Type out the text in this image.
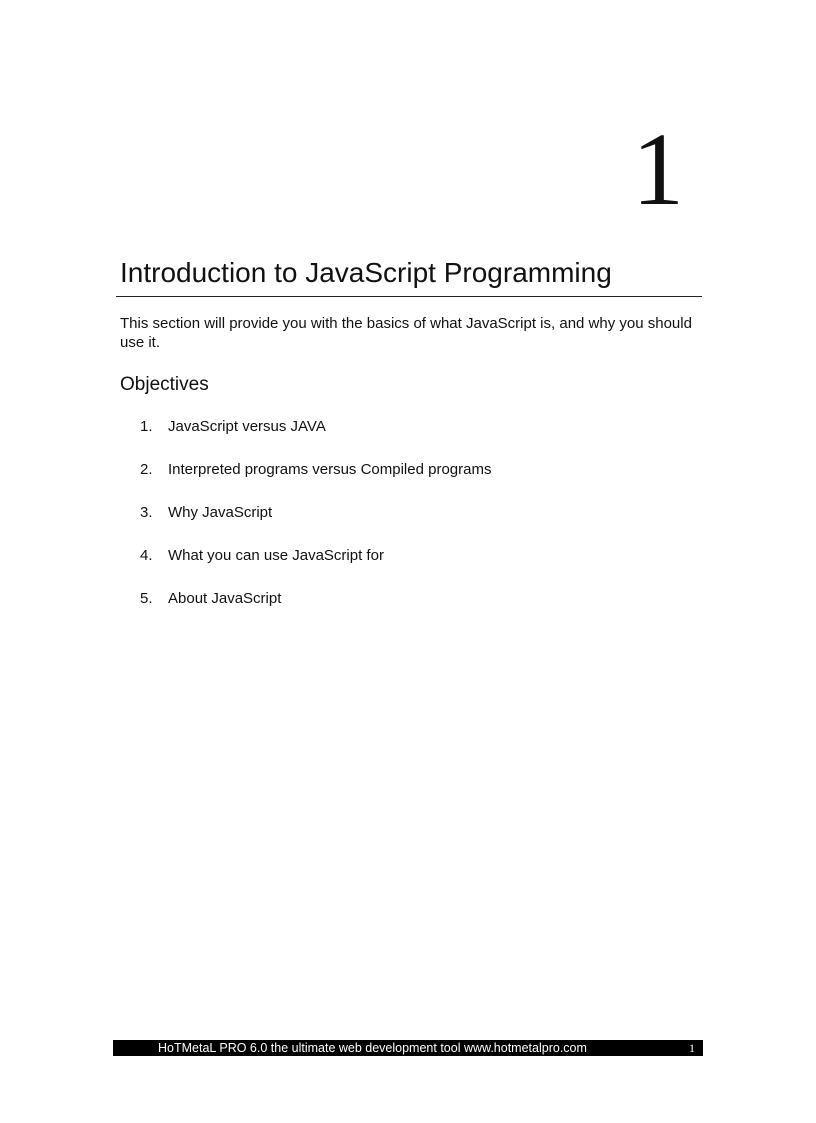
1
Introduction to JavaScript Programming

This section will provide you with the basics of what JavaScript is, and why you should use it.

Objectives
1.	JavaScript versus JAVA
2.	Interpreted programs versus Compiled programs
3.	Why JavaScript
4.	What you can use JavaScript for
5.	About JavaScript
HoTMetaL PRO 6.0 the ultimate web development tool www.hotmetalpro.com	1
